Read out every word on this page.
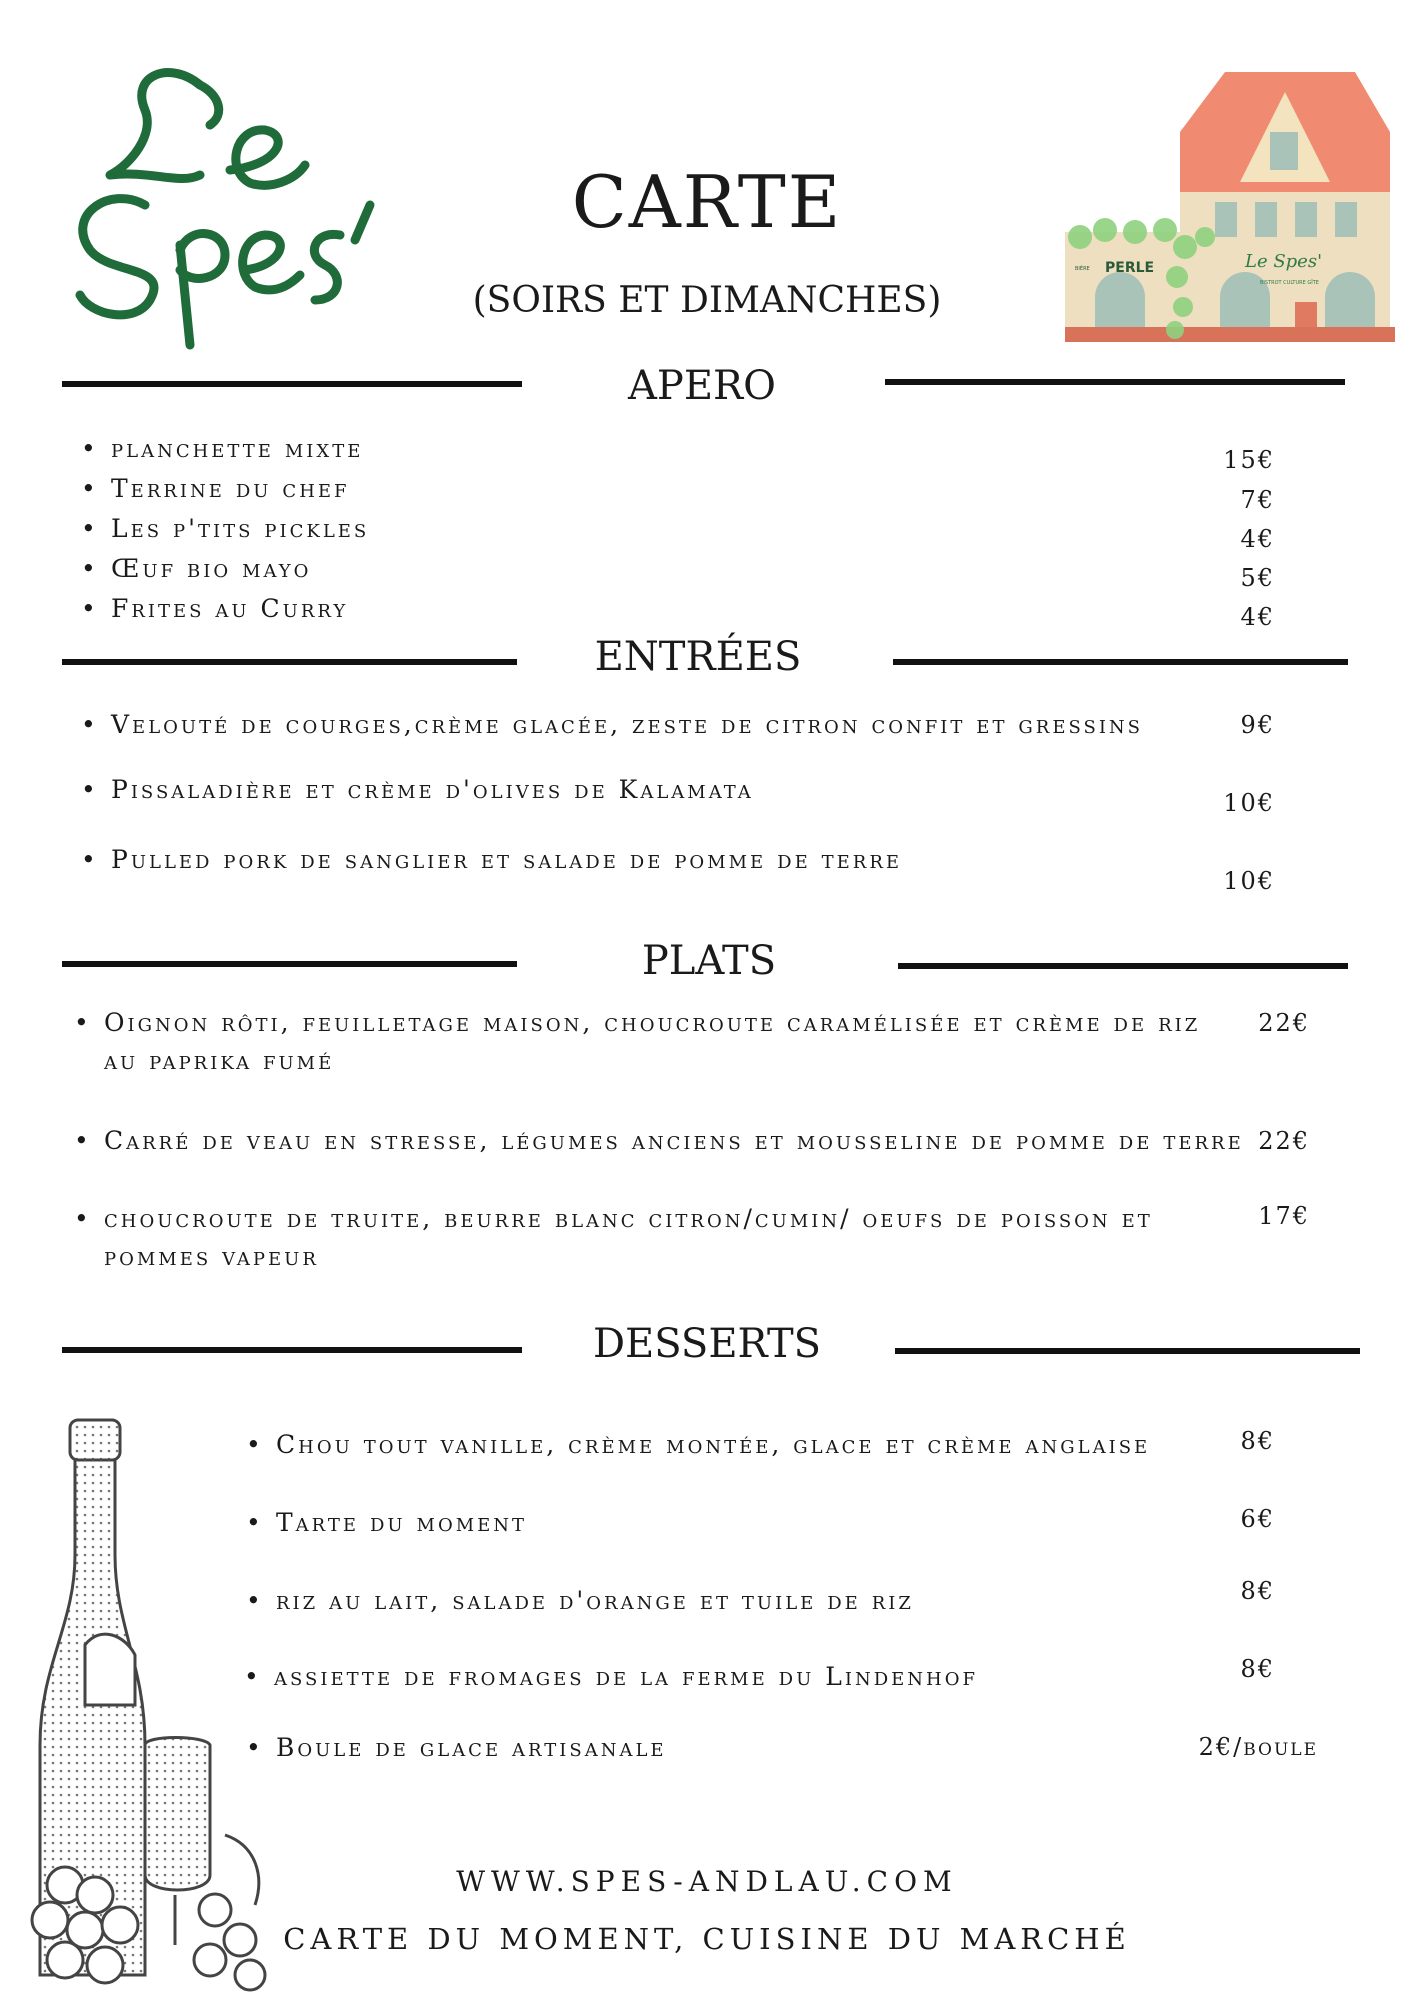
PERLE
BIÈRE	Le Spes'
BISTROT CULTURE GÎTE
CARTE
(SOIRS ET DIMANCHES)
APERO
• planchette mixte
• Terrine du chef
• Les p'tits pickles
• Œuf bio mayo
• Frites au Curry
15€
7€
4€
5€
4€
ENTRÉES
• Velouté de courges,crème glacée, zeste de citron confit et gressins
• Pissaladière et crème d'olives de Kalamata
• Pulled pork de sanglier et salade de pomme de terre
9€
10€
10€
PLATS
• Oignon rôti, feuilletage maison, choucroute caramélisée et crème de riz
au paprika fumé
• Carré de veau en stresse, légumes anciens et mousseline de pomme de terre
• choucroute de truite, beurre blanc citron/cumin/ oeufs de poisson et
pommes vapeur
22€
22€
17€
DESSERTS
• Chou tout vanille, crème montée, glace et crème anglaise
• Tarte du moment
• riz au lait, salade d'orange et tuile de riz
• assiette de fromages de la ferme du Lindenhof
• Boule de glace artisanale
8€
6€
8€
8€
2€/boule
WWW.SPES-ANDLAU.COM
CARTE DU MOMENT, CUISINE DU MARCHÉ
